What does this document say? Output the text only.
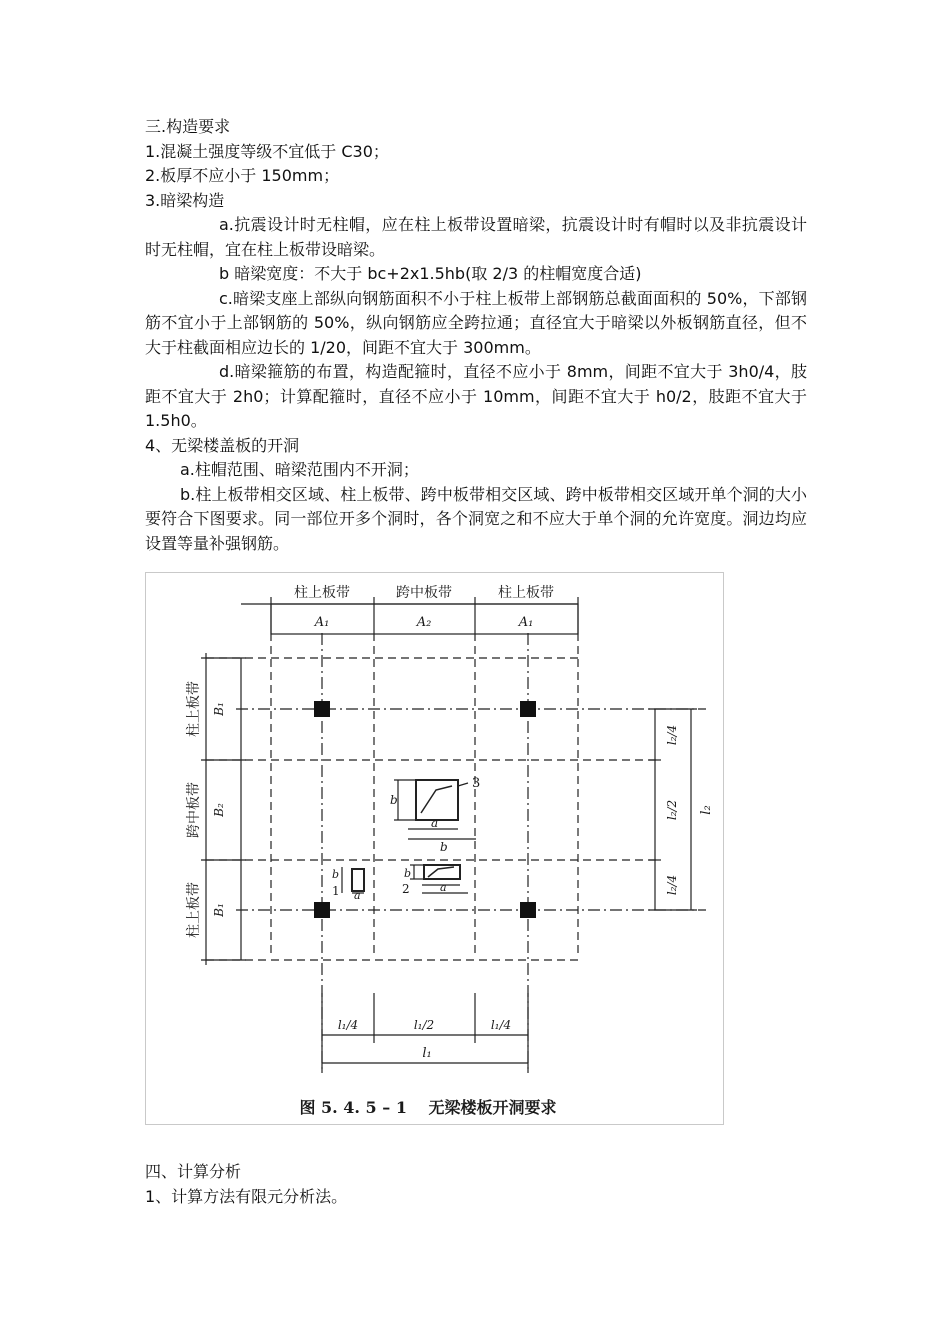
三.构造要求

1.混凝土强度等级不宜低于 C30；

2.板厚不应小于 150mm；

3.暗梁构造

a.抗震设计时无柱帽，应在柱上板带设置暗梁，抗震设计时有帽时以及非抗震设计时无柱帽，宜在柱上板带设暗梁。

b 暗梁宽度：不大于 bc+2x1.5hb(取 2/3 的柱帽宽度合适)

c.暗梁支座上部纵向钢筋面积不小于柱上板带上部钢筋总截面面积的 50%，下部钢筋不宜小于上部钢筋的 50%，纵向钢筋应全跨拉通；直径宜大于暗梁以外板钢筋直径，但不大于柱截面相应边长的 1/20，间距不宜大于 300mm。

d.暗梁箍筋的布置，构造配箍时，直径不应小于 8mm，间距不宜大于 3h0/4，肢距不宜大于 2h0；计算配箍时，直径不应小于 10mm，间距不宜大于 h0/2，肢距不宜大于 1.5h0。

4、无梁楼盖板的开洞

a.柱帽范围、暗梁范围内不开洞；

b.柱上板带相交区域、柱上板带、跨中板带相交区域、跨中板带相交区域开单个洞的大小要符合下图要求。同一部位开多个洞时，各个洞宽之和不应大于单个洞的允许宽度。洞边均应设置等量补强钢筋。

柱上板带	跨中板带	柱上板带
A₁	A₂	A₁
柱上板带
跨中板带
柱上板带
B₁
B₂
B₁
l₂/4
l₂/2
l₂/4
l₂
l₁/4	l₁/2	l₁/4
l₁
3
b
a
b
b
2	a
b
1 a
图 5. 4. 5 – 1　 无梁楼板开洞要求

四、计算分析

1、计算方法有限元分析法。
